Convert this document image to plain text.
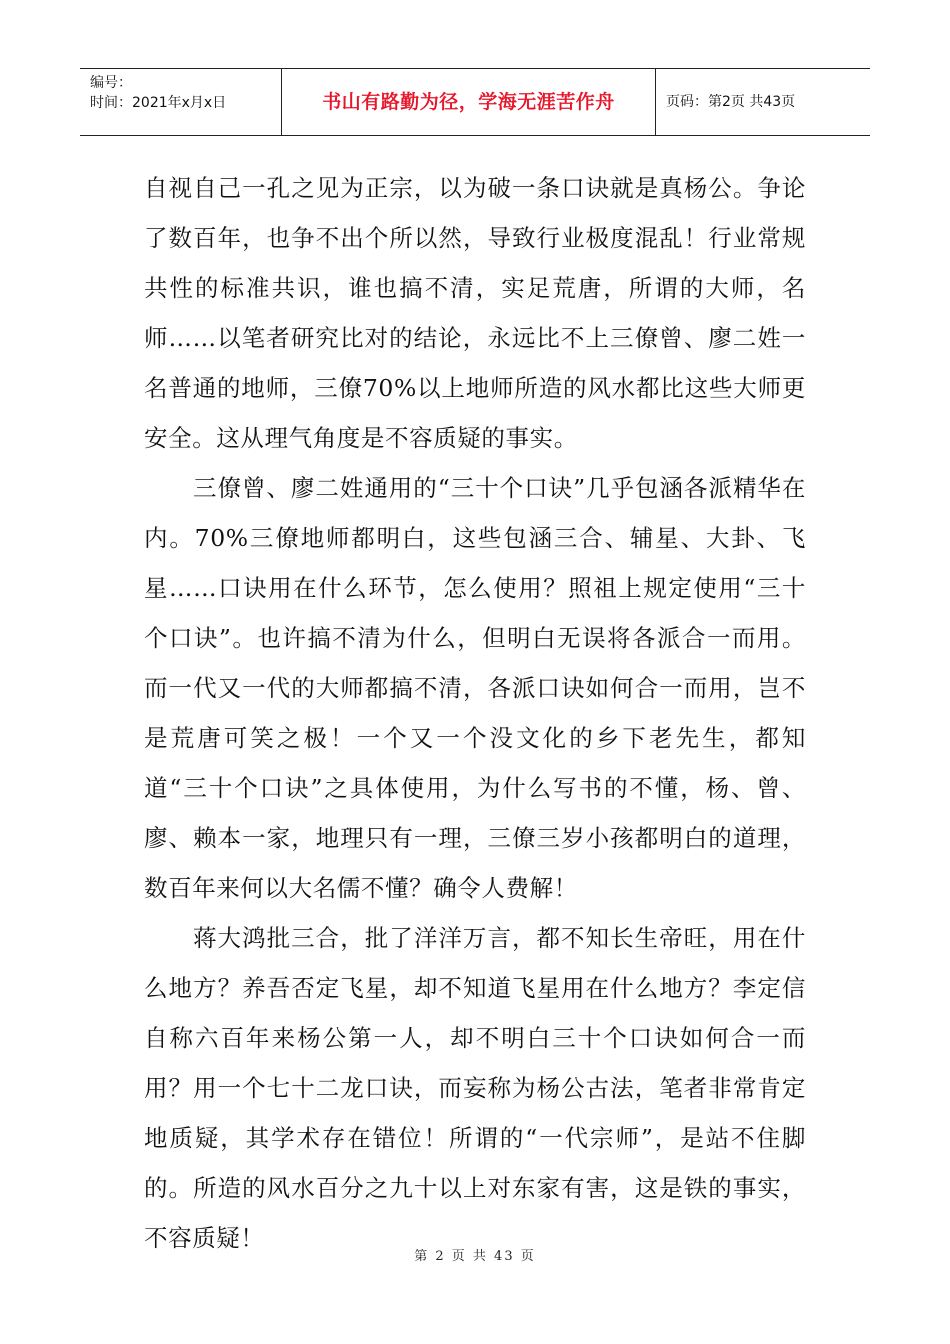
编号：
时间：2021年x月x日	书山有路勤为径，学海无涯苦作舟	页码：第2页 共43页

自视自己一孔之见为正宗，以为破一条口诀就是真杨公。争论了数百年，也争不出个所以然，导致行业极度混乱！行业常规共性的标准共识，谁也搞不清，实足荒唐，所谓的大师，名师……以笔者研究比对的结论，永远比不上三僚曾、廖二姓一名普通的地师，三僚70%以上地师所造的风水都比这些大师更安全。这从理气角度是不容质疑的事实。

三僚曾、廖二姓通用的“三十个口诀”几乎包涵各派精华在内。70%三僚地师都明白，这些包涵三合、辅星、大卦、飞星……口诀用在什么环节，怎么使用？照祖上规定使用“三十个口诀”。也许搞不清为什么，但明白无误将各派合一而用。而一代又一代的大师都搞不清，各派口诀如何合一而用，岂不是荒唐可笑之极！一个又一个没文化的乡下老先生，都知道“三十个口诀”之具体使用，为什么写书的不懂，杨、曾、廖、赖本一家，地理只有一理，三僚三岁小孩都明白的道理，数百年来何以大名儒不懂？确令人费解！

蒋大鸿批三合，批了洋洋万言，都不知长生帝旺，用在什么地方？养吾否定飞星，却不知道飞星用在什么地方？李定信自称六百年来杨公第一人，却不明白三十个口诀如何合一而用？用一个七十二龙口诀，而妄称为杨公古法，笔者非常肯定地质疑，其学术存在错位！所谓的“一代宗师”，是站不住脚的。所造的风水百分之九十以上对东家有害，这是铁的事实，不容质疑！

第 2 页 共 43 页
